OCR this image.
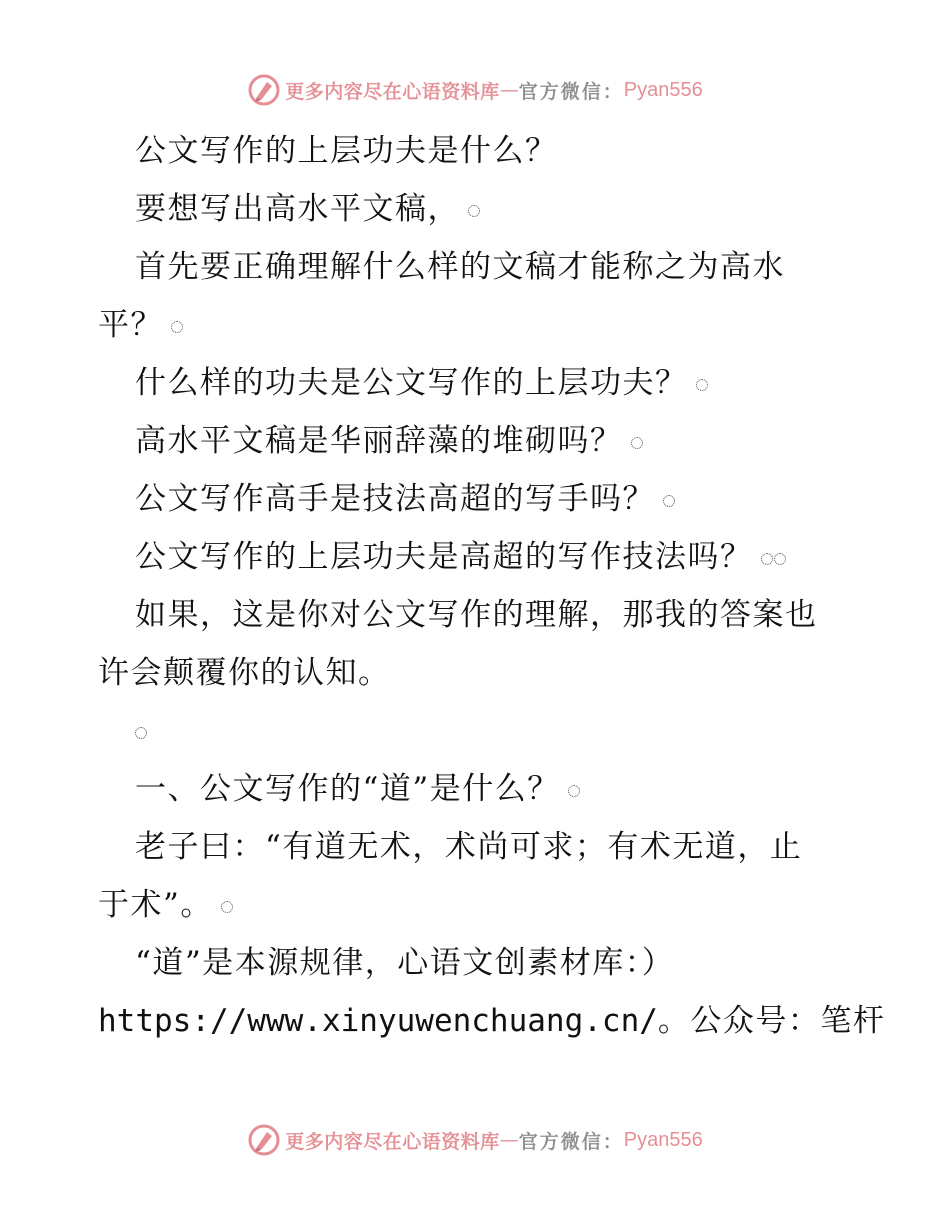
更多内容尽在心语资料库 — 官方微信： Pyan556
公文写作的上层功夫是什么？
要想写出高水平文稿，
首先要正确理解什么样的文稿才能称之为高水
平？
什么样的功夫是公文写作的上层功夫？
高水平文稿是华丽辞藻的堆砌吗？
公文写作高手是技法高超的写手吗？
公文写作的上层功夫是高超的写作技法吗？
如果，这是你对公文写作的理解，那我的答案也
许会颠覆你的认知。
一、公文写作的“道”是什么？
老子曰：“有道无术，术尚可求；有术无道，止
于术”。
“道”是本源规律，心语文创素材库：）
https://www.xinyuwenchuang.cn/。公众号：笔杆
更多内容尽在心语资料库 — 官方微信： Pyan556
